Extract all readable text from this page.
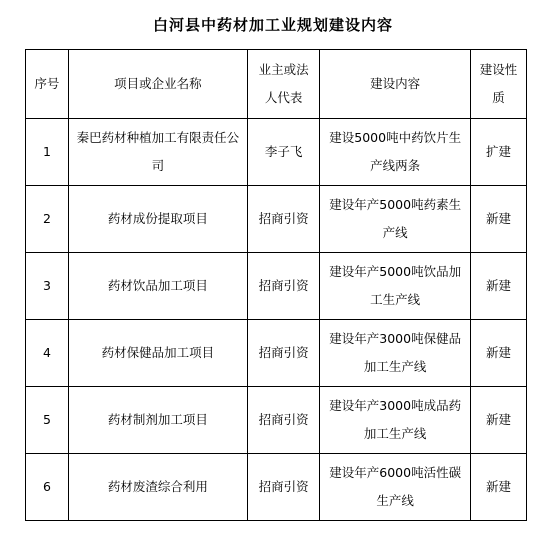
白河县中药材加工业规划建设内容
序号	项目或企业名称	业主或法人代表	建设内容	建设性质
1	秦巴药材种植加工有限责任公司	李子飞	建设5000吨中药饮片生产线两条	扩建
2	药材成份提取项目	招商引资	建设年产5000吨药素生产线	新建
3	药材饮品加工项目	招商引资	建设年产5000吨饮品加工生产线	新建
4	药材保健品加工项目	招商引资	建设年产3000吨保健品加工生产线	新建
5	药材制剂加工项目	招商引资	建设年产3000吨成品药加工生产线	新建
6	药材废渣综合利用	招商引资	建设年产6000吨活性碳生产线	新建
